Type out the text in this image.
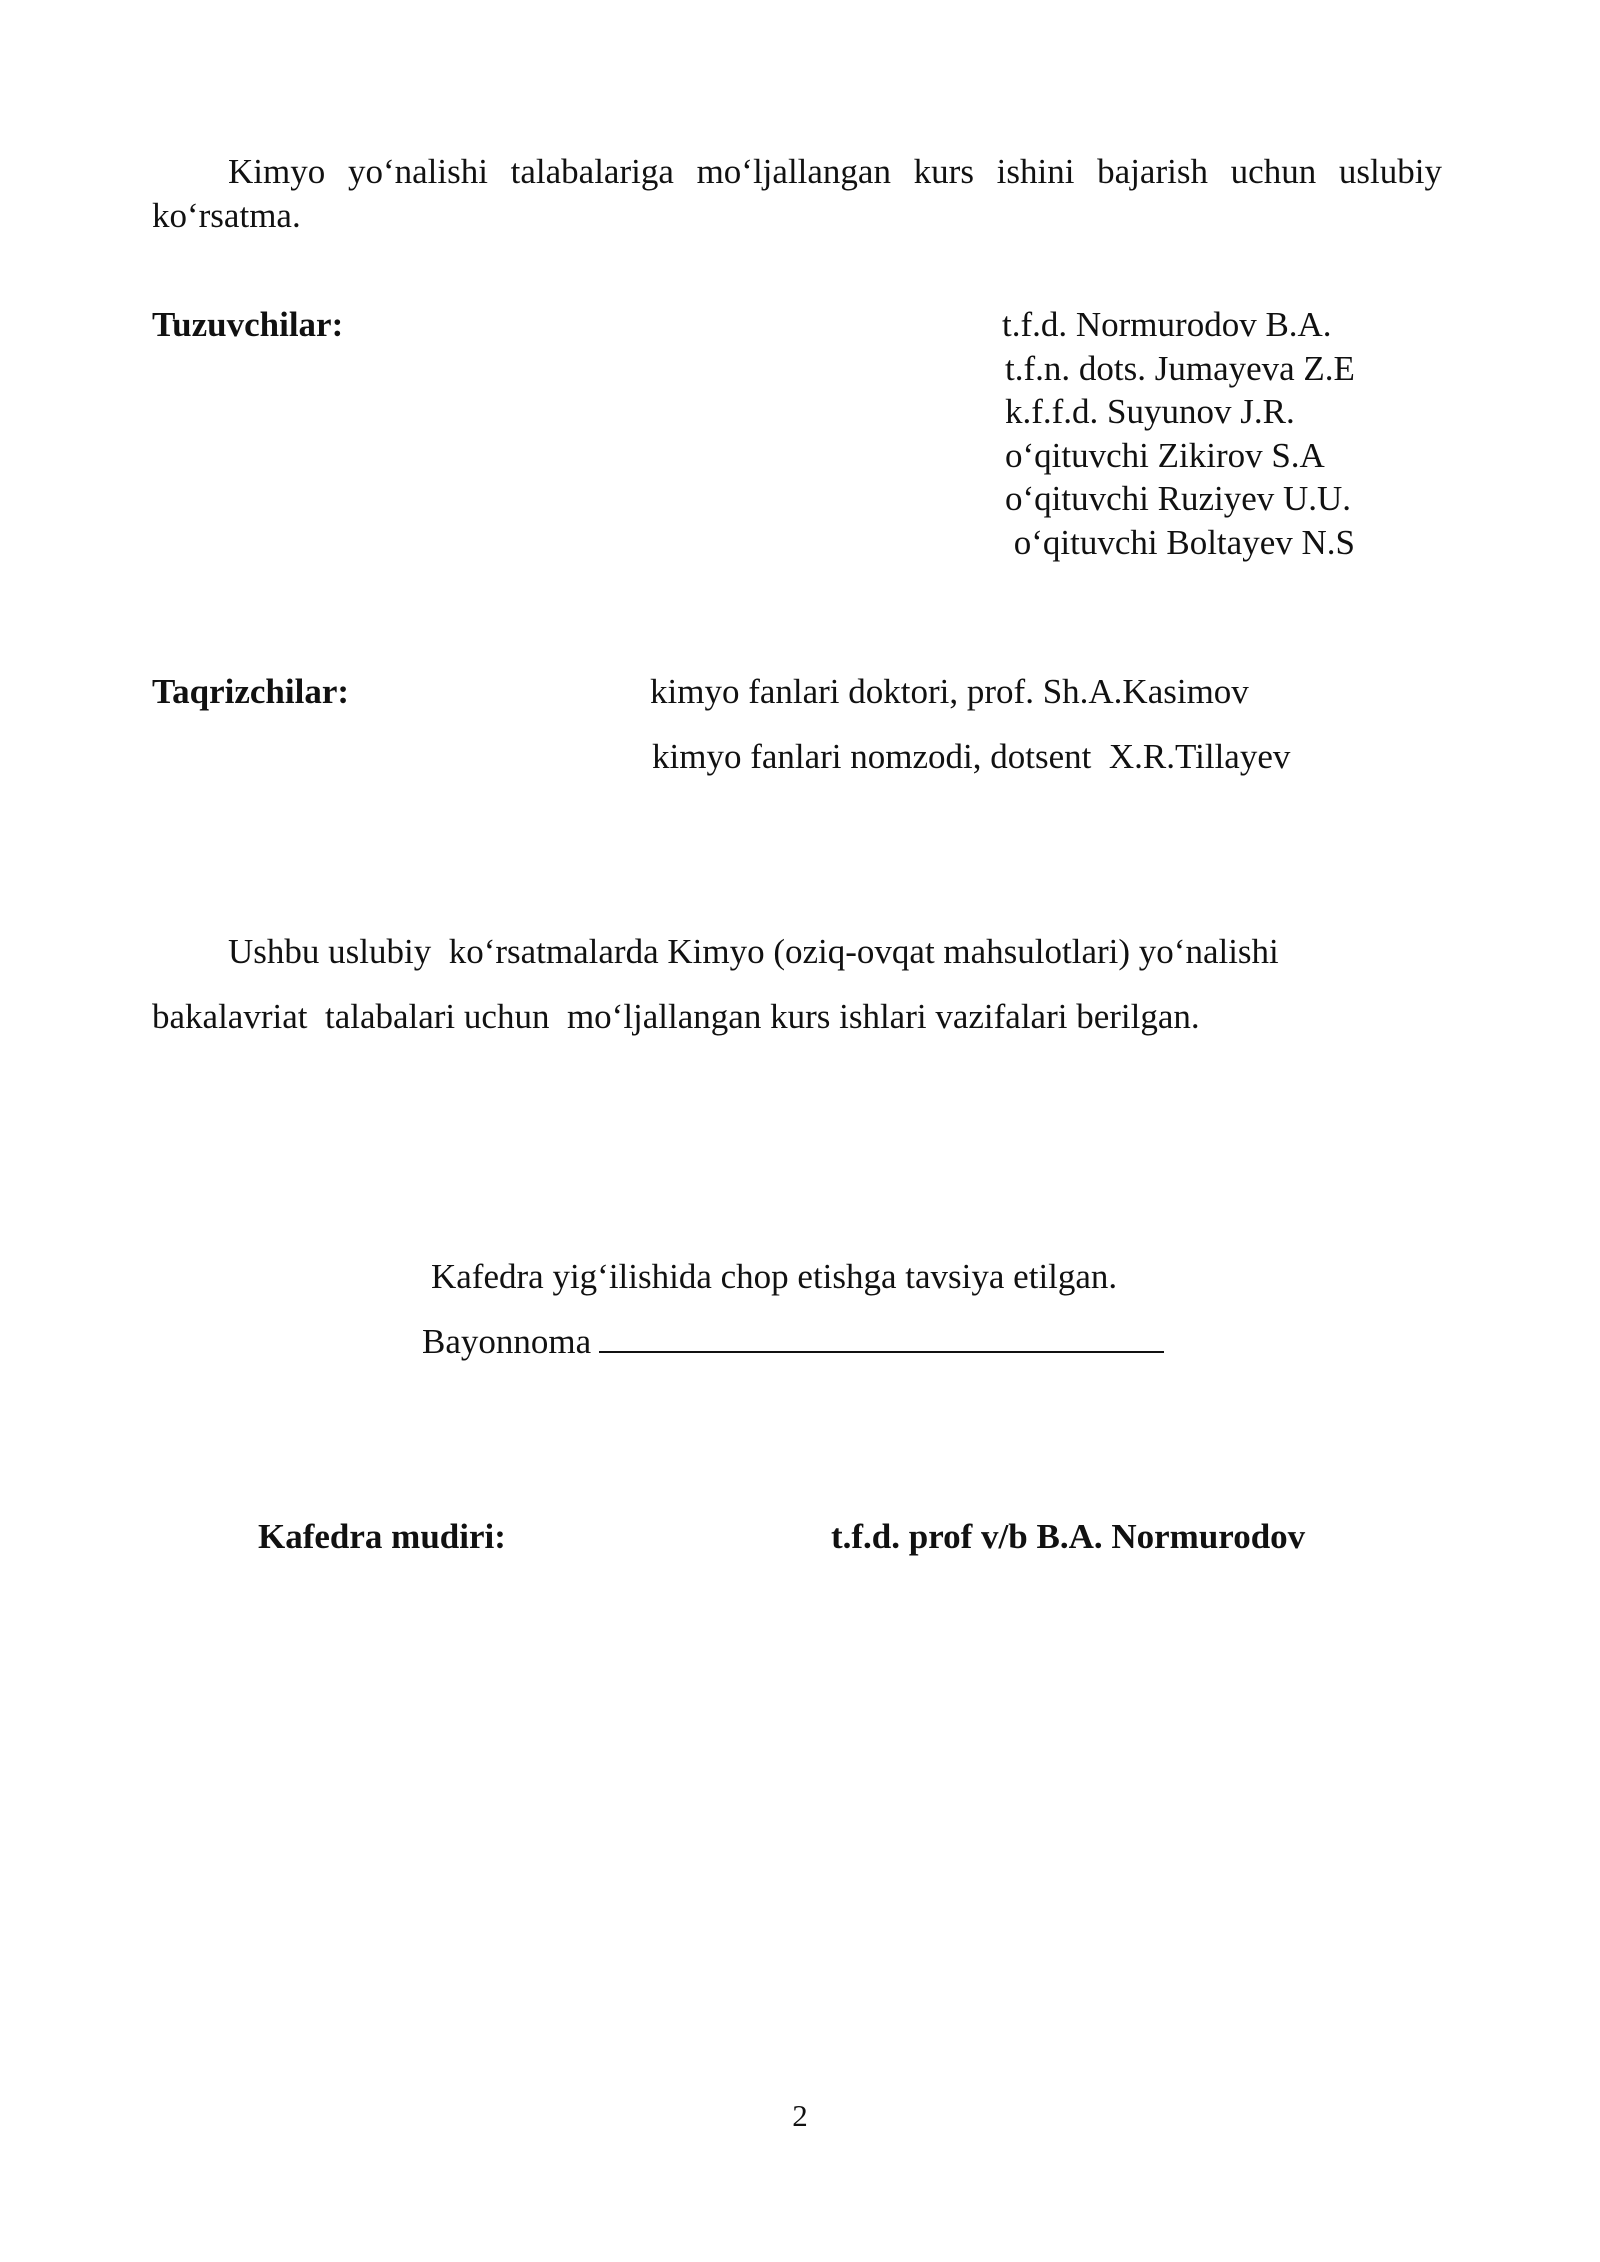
Kimyo yo‘nalishi talabalariga mo‘ljallangan kurs ishini bajarish uchun uslubiy ko‘rsatma.
Tuzuvchilar:	t.f.d. Normurodov B.A.
t.f.n. dots. Jumayeva Z.E
k.f.f.d. Suyunov J.R.
o‘qituvchi Zikirov S.A
o‘qituvchi Ruziyev U.U.
o‘qituvchi Boltayev N.S
Taqrizchilar:	kimyo fanlari doktori, prof. Sh.A.Kasimov
kimyo fanlari nomzodi, dotsent  X.R.Tillayev
Ushbu uslubiy  ko‘rsatmalarda Kimyo (oziq-ovqat mahsulotlari) yo‘nalishi
bakalavriat  talabalari uchun  mo‘ljallangan kurs ishlari vazifalari berilgan.
Kafedra yig‘ilishida chop etishga tavsiya etilgan.
Bayonnoma
Kafedra mudiri:	t.f.d. prof v/b B.A. Normurodov
2
